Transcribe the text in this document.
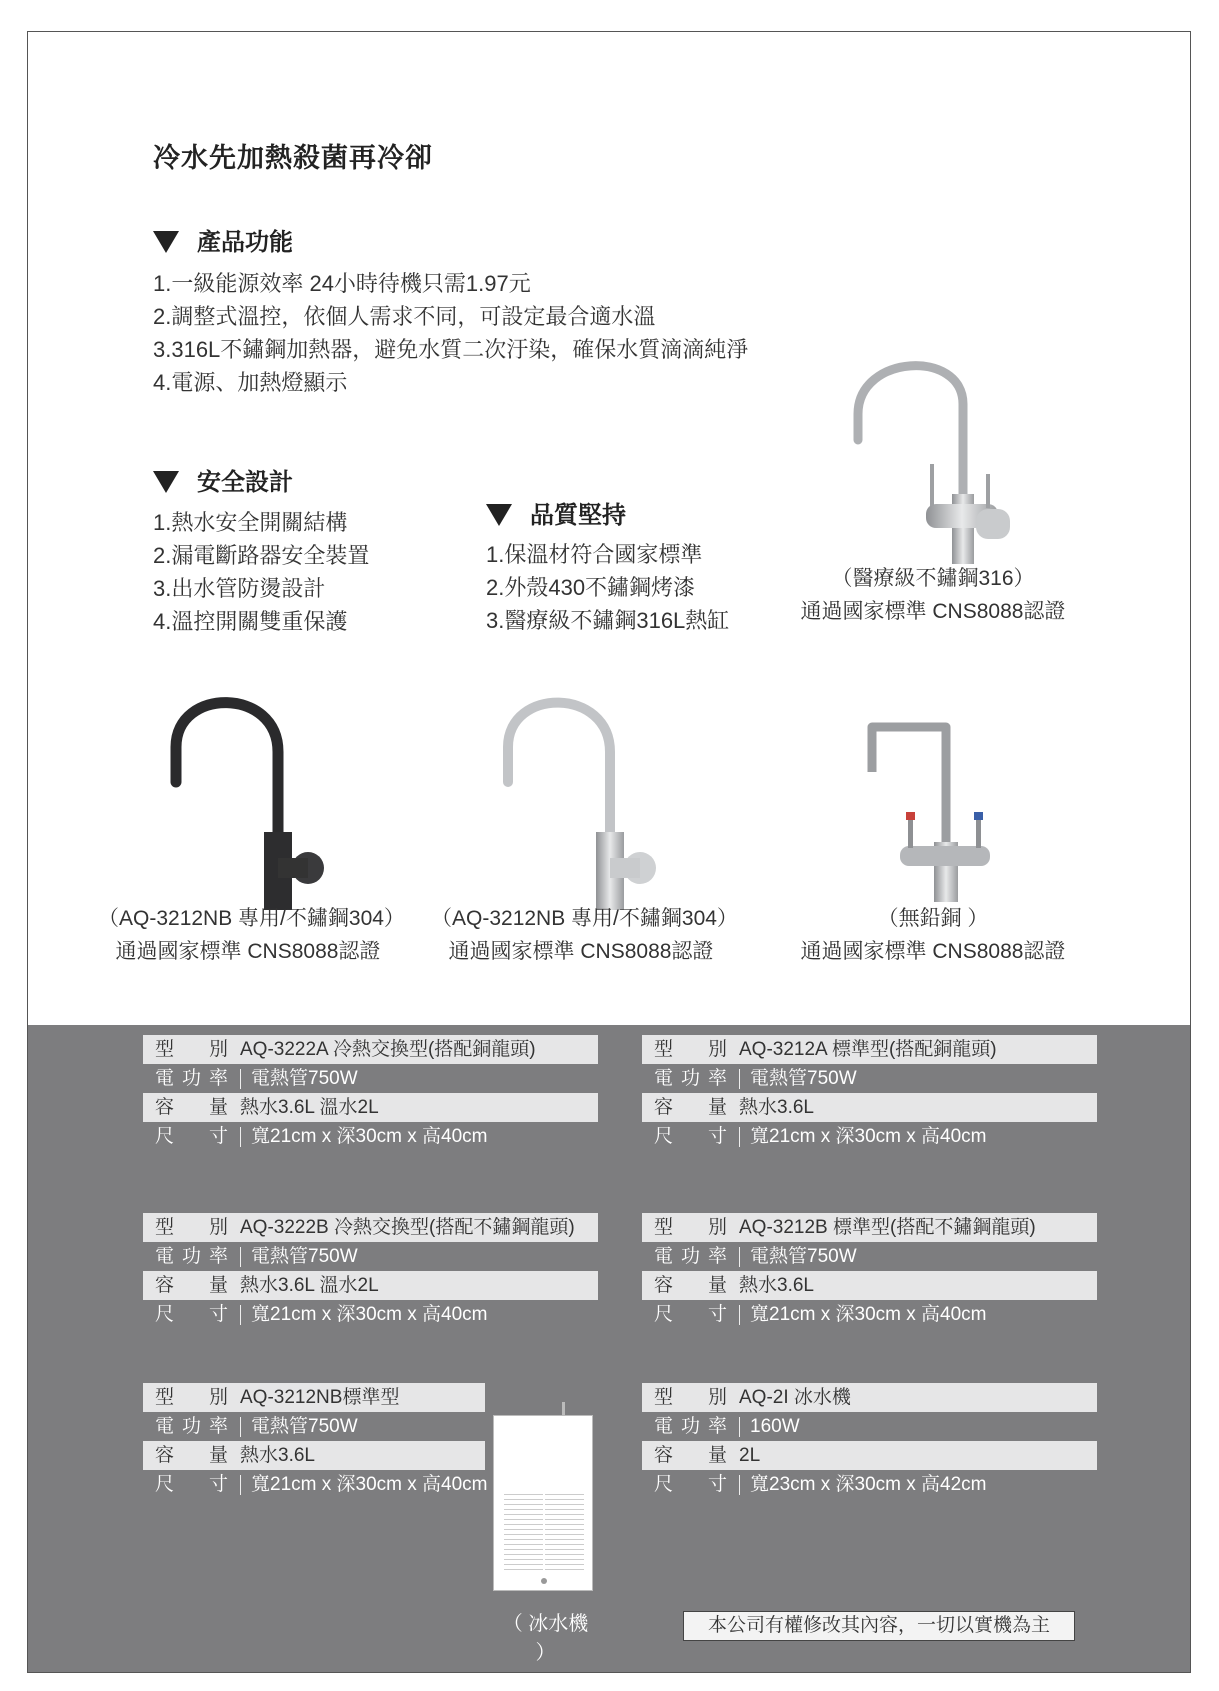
冷水先加熱殺菌再冷卻
產品功能
1.一級能源效率 24小時待機只需1.97元
2.調整式溫控，依個人需求不同，可設定最合適水溫
3.316L不鏽鋼加熱器，避免水質二次汙染，確保水質滴滴純淨
4.電源、加熱燈顯示
安全設計
1.熱水安全開關結構
2.漏電斷路器安全裝置
3.出水管防燙設計
4.溫控開關雙重保護
品質堅持
1.保溫材符合國家標準
2.外殼430不鏽鋼烤漆
3.醫療級不鏽鋼316L熱缸
（醫療級不鏽鋼316）
通過國家標準 CNS8088認證
（AQ-3212NB 專用/不鏽鋼304）
通過國家標準 CNS8088認證
（AQ-3212NB 專用/不鏽鋼304）
通過國家標準 CNS8088認證
（無鉛銅 ）
通過國家標準 CNS8088認證
型　別 AQ-3222A 冷熱交換型(搭配銅龍頭)
電功率 電熱管750W
容　量 熱水3.6L 溫水2L
尺　寸 寬21cm x 深30cm x 高40cm
型　別 AQ-3212A 標準型(搭配銅龍頭)
電功率 電熱管750W
容　量 熱水3.6L
尺　寸 寬21cm x 深30cm x 高40cm
型　別 AQ-3222B 冷熱交換型(搭配不鏽鋼龍頭)
電功率 電熱管750W
容　量 熱水3.6L 溫水2L
尺　寸 寬21cm x 深30cm x 高40cm
型　別 AQ-3212B 標準型(搭配不鏽鋼龍頭)
電功率 電熱管750W
容　量 熱水3.6L
尺　寸 寬21cm x 深30cm x 高40cm
型　別 AQ-3212NB標準型
電功率 電熱管750W
容　量 熱水3.6L
尺　寸 寬21cm x 深30cm x 高40cm
型　別 AQ-2I 冰水機
電功率 160W
容　量 2L
尺　寸 寬23cm x 深30cm x 高42cm
（ 冰水機 ）
本公司有權修改其內容，一切以實機為主
